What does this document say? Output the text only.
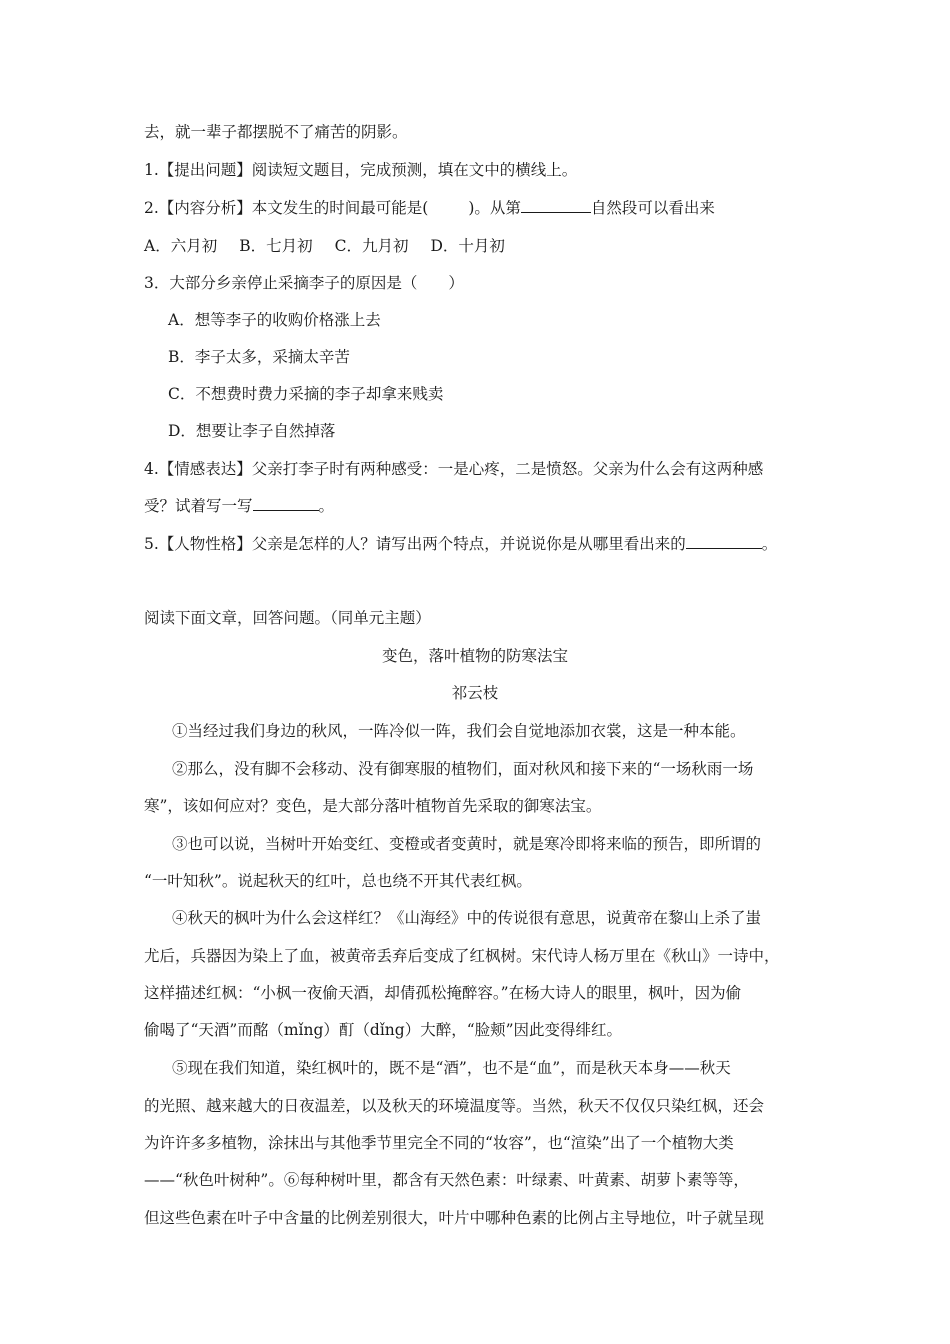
去，就一辈子都摆脱不了痛苦的阴影。
1.【提出问题】阅读短文题目，完成预测，填在文中的横线上。
2.【内容分析】本文发生的时间最可能是(	)。从第	自然段可以看出来
A．六月初 B．七月初 C．九月初 D．十月初
3．大部分乡亲停止采摘李子的原因是（　　）
A．想等李子的收购价格涨上去
B．李子太多，采摘太辛苦
C．不想费时费力采摘的李子却拿来贱卖
D．想要让李子自然掉落
4.【情感表达】父亲打李子时有两种感受：一是心疼，二是愤怒。父亲为什么会有这两种感
受？试着写一写	。
5.【人物性格】父亲是怎样的人？请写出两个特点，并说说你是从哪里看出来的	。
阅读下面文章，回答问题。（同单元主题）
变色，落叶植物的防寒法宝
祁云枝
①当经过我们身边的秋风，一阵冷似一阵，我们会自觉地添加衣裳，这是一种本能。
②那么，没有脚不会移动、没有御寒服的植物们，面对秋风和接下来的“一场秋雨一场
寒”，该如何应对？变色，是大部分落叶植物首先采取的御寒法宝。
③也可以说，当树叶开始变红、变橙或者变黄时，就是寒冷即将来临的预告，即所谓的
“一叶知秋”。说起秋天的红叶，总也绕不开其代表红枫。
④秋天的枫叶为什么会这样红？《山海经》中的传说很有意思，说黄帝在黎山上杀了蚩
尤后，兵器因为染上了血，被黄帝丢弃后变成了红枫树。宋代诗人杨万里在《秋山》一诗中，
这样描述红枫：“小枫一夜偷天酒，却倩孤松掩醉容。”在杨大诗人的眼里，枫叶，因为偷
偷喝了“天酒”而酩（mǐng）酊（dǐng）大醉，“脸颊”因此变得绯红。
⑤现在我们知道，染红枫叶的，既不是“酒”，也不是“血”，而是秋天本身——秋天
的光照、越来越大的日夜温差，以及秋天的环境温度等。当然，秋天不仅仅只染红枫，还会
为许许多多植物，涂抹出与其他季节里完全不同的“妆容”，也“渲染”出了一个植物大类
——“秋色叶树种”。⑥每种树叶里，都含有天然色素：叶绿素、叶黄素、胡萝卜素等等，
但这些色素在叶子中含量的比例差别很大，叶片中哪种色素的比例占主导地位，叶子就呈现
